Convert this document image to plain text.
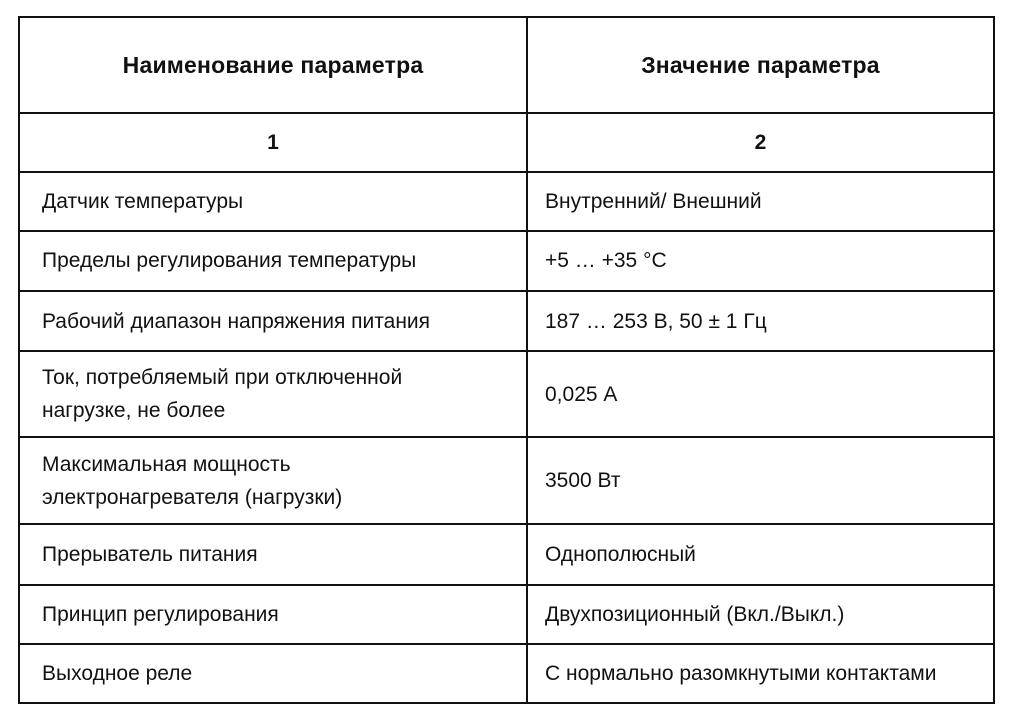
Наименование параметра	Значение параметра
1	2

Датчик температуры	Внутренний/ Внешний

Пределы регулирования температуры	+5 … +35 °С

Рабочий диапазон напряжения питания	187 … 253 В, 50 ± 1 Гц

Ток, потребляемый при отключенной
нагрузке, не более	0,025 А

Максимальная мощность
электронагревателя (нагрузки)	3500 Вт

Прерыватель питания	Однополюсный

Принцип регулирования	Двухпозиционный (Вкл./Выкл.)

Выходное реле	С нормально разомкнутыми контактами
